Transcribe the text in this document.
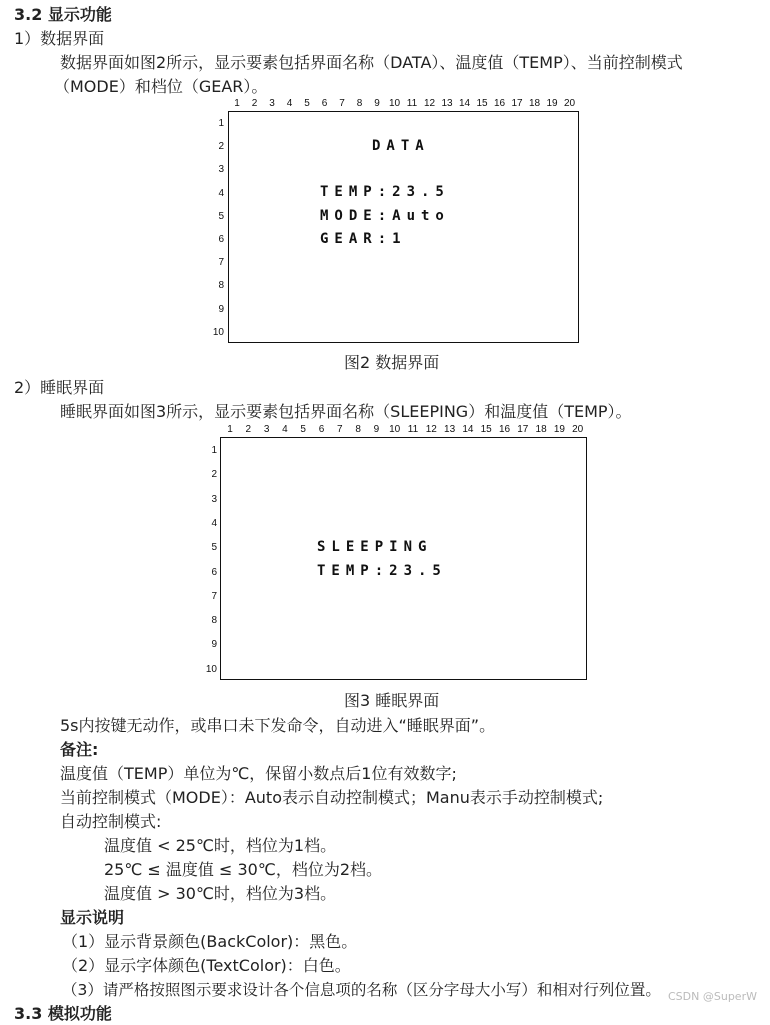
3.2 显示功能
1）数据界面
数据界面如图2所示，显示要素包括界面名称（DATA）、温度值（TEMP）、当前控制模式
（MODE）和档位（GEAR）。
1	2	3	4	5	6	7	8	9 10 11 12 13 14 15 16 17 18 19 20
1
2
3
4
5
6
7
8
9
10
DATA
TEMP:23.5
MODE:Auto
GEAR:1
图2 数据界面
2）睡眠界面
睡眠界面如图3所示，显示要素包括界面名称（SLEEPING）和温度值（TEMP）。
1	2	3	4	5	6	7	8	9 10 11 12 13 14 15 16 17 18 19 20
1
2
3
4
5
6
7
8
9
10
SLEEPING
TEMP:23.5
图3 睡眠界面
5s内按键无动作，或串口未下发命令，自动进入“睡眠界面”。
备注:
温度值（TEMP）单位为℃，保留小数点后1位有效数字;
当前控制模式（MODE）：Auto表示自动控制模式；Manu表示手动控制模式;
自动控制模式:
温度值 < 25℃时，档位为1档。
25℃ ≤ 温度值 ≤ 30℃，档位为2档。
温度值 > 30℃时，档位为3档。
显示说明
（1）显示背景颜色(BackColor)：黑色。
（2）显示字体颜色(TextColor)：白色。
（3）请严格按照图示要求设计各个信息项的名称（区分字母大小写）和相对行列位置。
3.3 模拟功能
CSDN @SuperW
